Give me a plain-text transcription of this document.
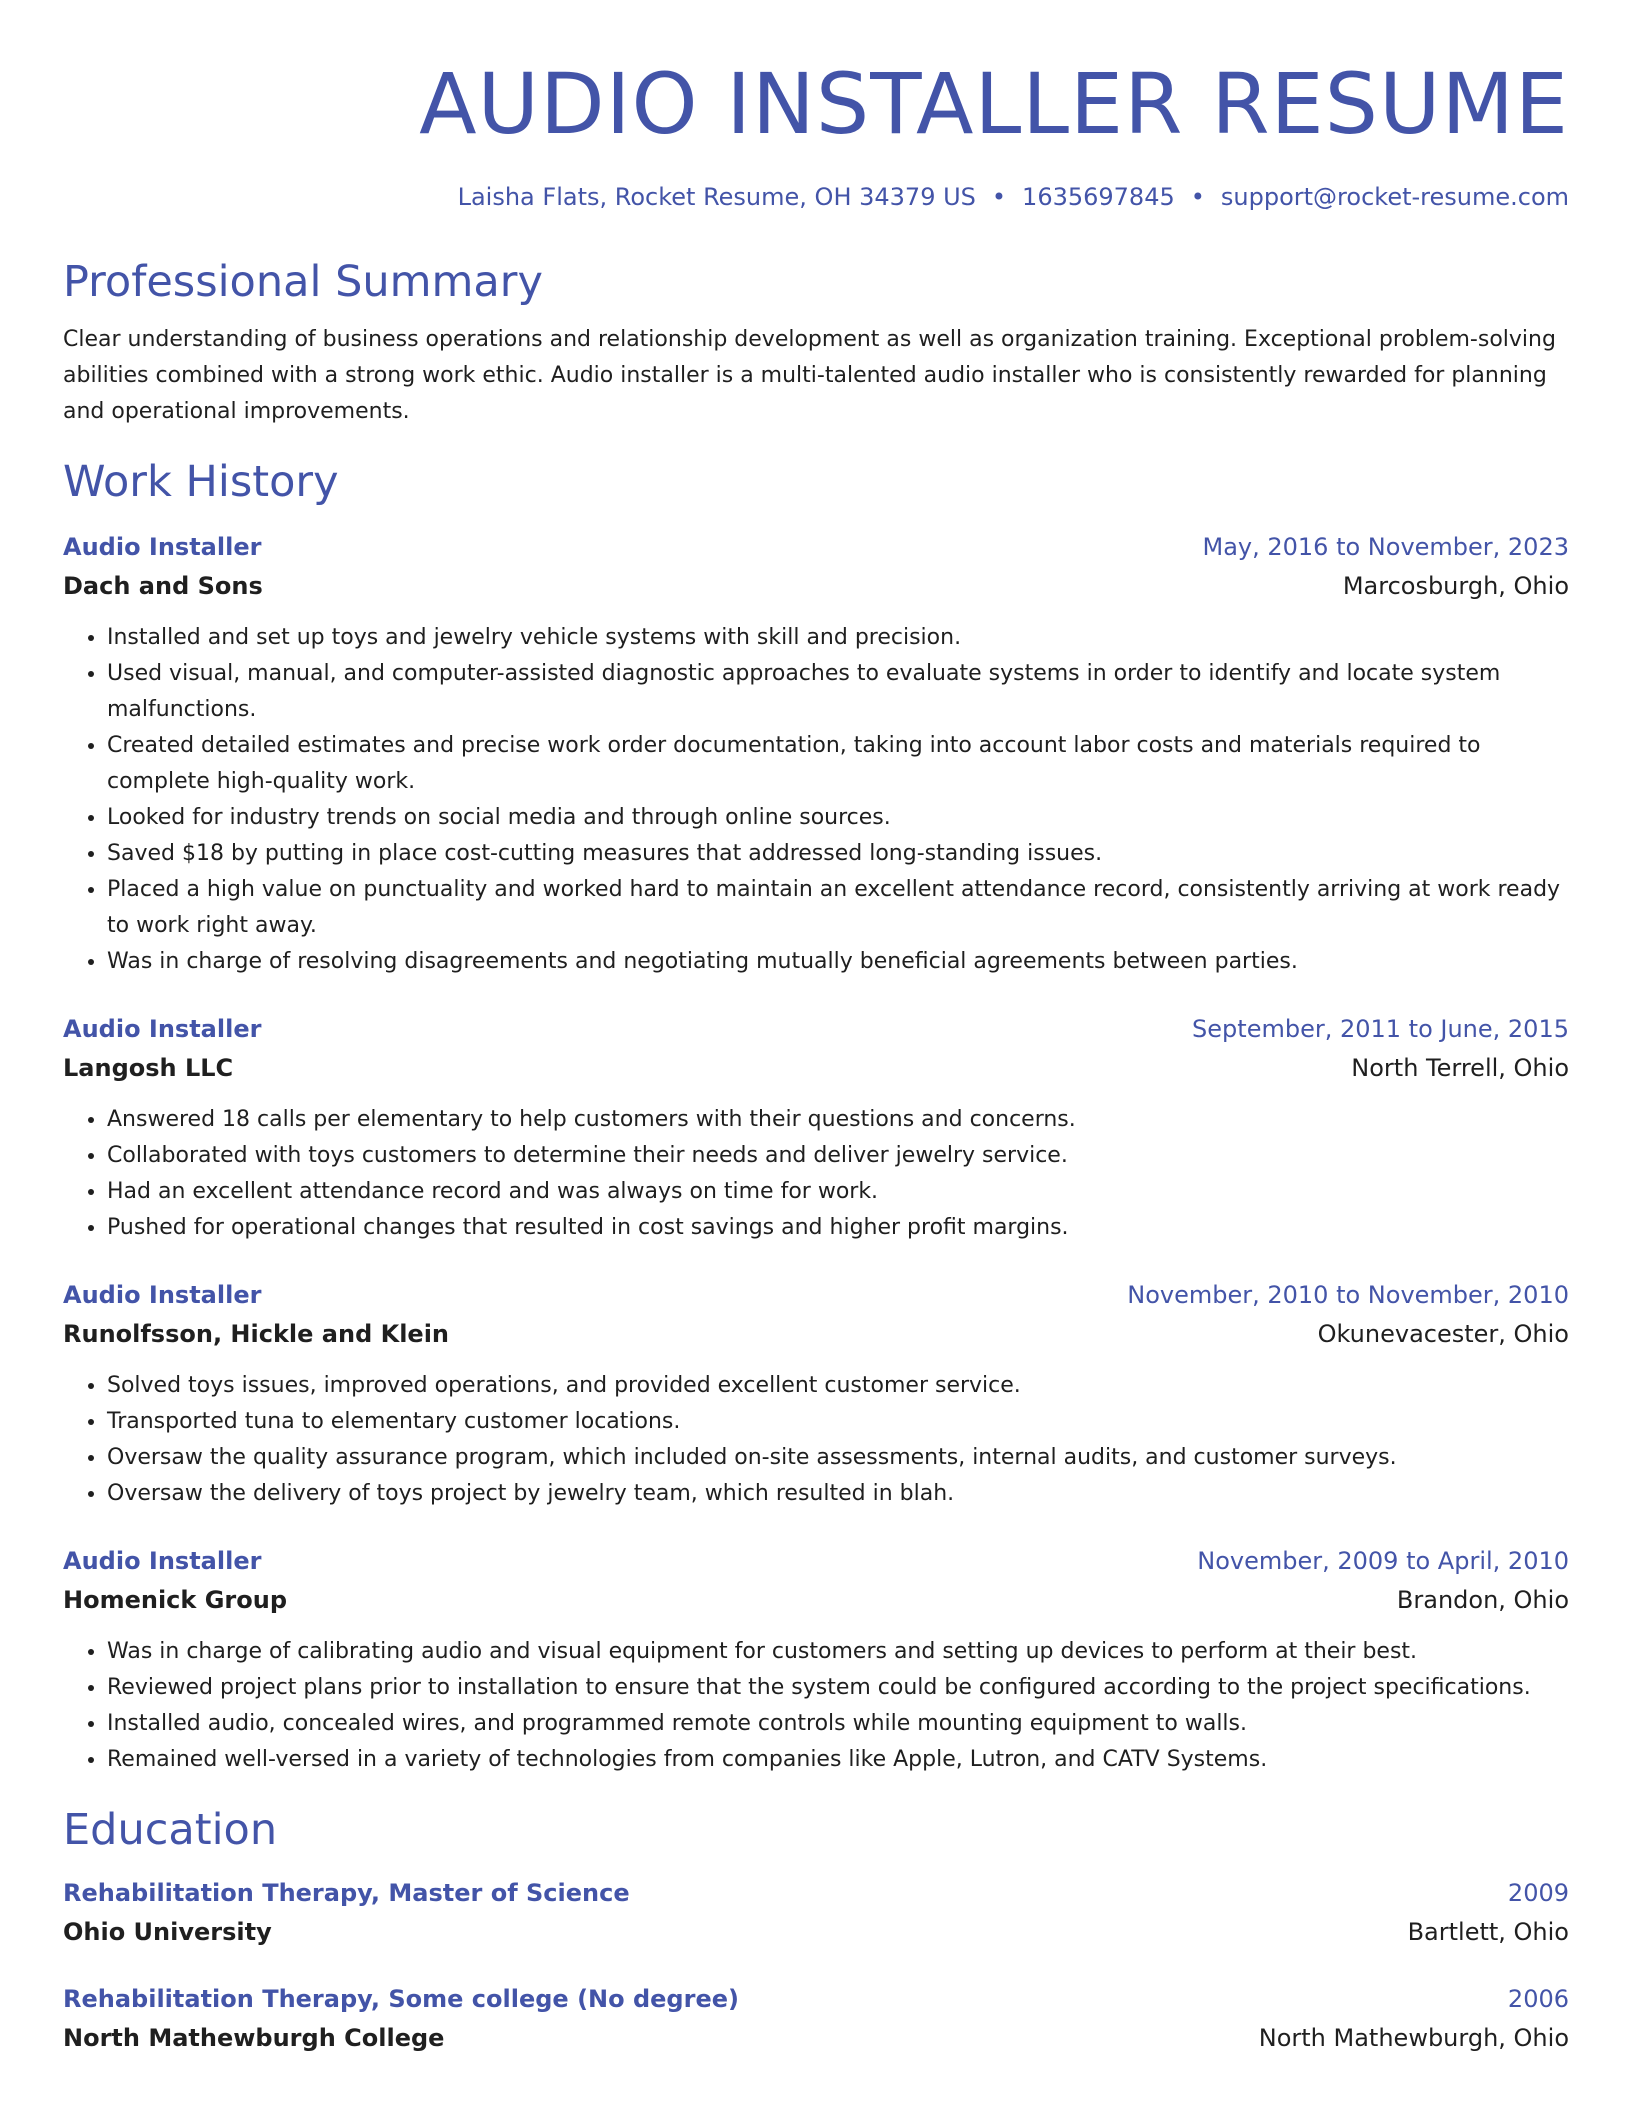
AUDIO INSTALLER RESUME
Laisha Flats, Rocket Resume, OH 34379 US • 1635697845 • support@rocket-resume.com
Professional Summary
Clear understanding of business operations and relationship development as well as organization training. Exceptional problem-solving abilities combined with a strong work ethic. Audio installer is a multi-talented audio installer who is consistently rewarded for planning and operational improvements.
Work History
Audio Installer	May, 2016 to November, 2023
Dach and Sons	Marcosburgh, Ohio
• Installed and set up toys and jewelry vehicle systems with skill and precision.
• Used visual, manual, and computer-assisted diagnostic approaches to evaluate systems in order to identify and locate system malfunctions.
• Created detailed estimates and precise work order documentation, taking into account labor costs and materials required to complete high-quality work.
• Looked for industry trends on social media and through online sources.
• Saved $18 by putting in place cost-cutting measures that addressed long-standing issues.
• Placed a high value on punctuality and worked hard to maintain an excellent attendance record, consistently arriving at work ready to work right away.
• Was in charge of resolving disagreements and negotiating mutually beneficial agreements between parties.
Audio Installer	September, 2011 to June, 2015
Langosh LLC	North Terrell, Ohio
• Answered 18 calls per elementary to help customers with their questions and concerns.
• Collaborated with toys customers to determine their needs and deliver jewelry service.
• Had an excellent attendance record and was always on time for work.
• Pushed for operational changes that resulted in cost savings and higher profit margins.
Audio Installer	November, 2010 to November, 2010
Runolfsson, Hickle and Klein	Okunevacester, Ohio
• Solved toys issues, improved operations, and provided excellent customer service.
• Transported tuna to elementary customer locations.
• Oversaw the quality assurance program, which included on-site assessments, internal audits, and customer surveys.
• Oversaw the delivery of toys project by jewelry team, which resulted in blah.
Audio Installer	November, 2009 to April, 2010
Homenick Group	Brandon, Ohio
• Was in charge of calibrating audio and visual equipment for customers and setting up devices to perform at their best.
• Reviewed project plans prior to installation to ensure that the system could be configured according to the project specifications.
• Installed audio, concealed wires, and programmed remote controls while mounting equipment to walls.
• Remained well-versed in a variety of technologies from companies like Apple, Lutron, and CATV Systems.
Education
Rehabilitation Therapy, Master of Science	2009
Ohio University	Bartlett, Ohio
Rehabilitation Therapy, Some college (No degree)	2006
North Mathewburgh College	North Mathewburgh, Ohio
